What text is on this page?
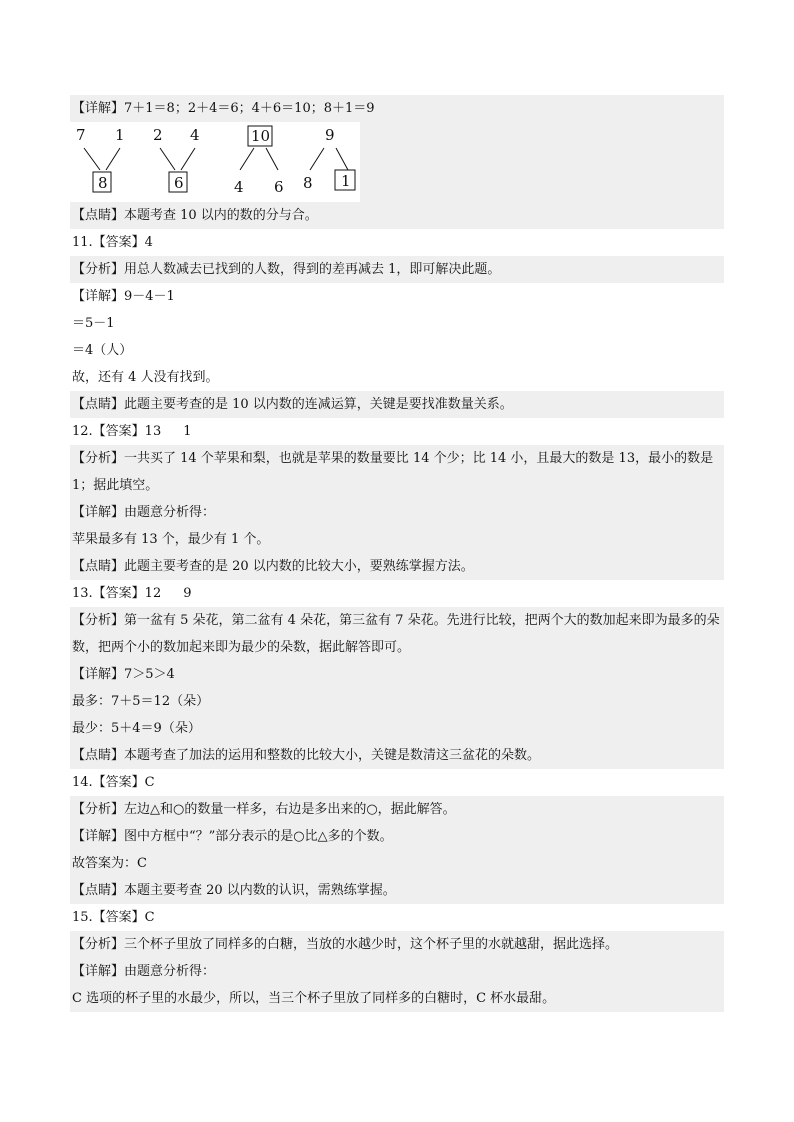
【详解】7＋1＝8；2＋4＝6；4＋6＝10；8＋1＝9
7 1
8
2 4
6
10
4 6
9
8 1
【点睛】本题考查 10 以内的数的分与合。
11.【答案】4
【分析】用总人数减去已找到的人数，得到的差再减去 1，即可解决此题。
【详解】9－4－1
＝5－1
＝4（人）
故，还有 4 人没有找到。
【点睛】此题主要考查的是 10 以内数的连减运算，关键是要找准数量关系。
12.【答案】13 1
【分析】一共买了 14 个苹果和梨，也就是苹果的数量要比 14 个少；比 14 小，且最大的数是 13，最小的数是 1；据此填空。
【详解】由题意分析得：
苹果最多有 13 个，最少有 1 个。
【点睛】此题主要考查的是 20 以内数的比较大小，要熟练掌握方法。
13.【答案】12 9
【分析】第一盆有 5 朵花，第二盆有 4 朵花，第三盆有 7 朵花。先进行比较，把两个大的数加起来即为最多的朵数，把两个小的数加起来即为最少的朵数，据此解答即可。
【详解】7＞5＞4
最多：7＋5＝12（朵）
最少：5＋4＝9（朵）
【点睛】本题考查了加法的运用和整数的比较大小，关键是数清这三盆花的朵数。
14.【答案】C
【分析】左边△和○的数量一样多，右边是多出来的○，据此解答。
【详解】图中方框中“？”部分表示的是○比△多的个数。
故答案为：C
【点睛】本题主要考查 20 以内数的认识，需熟练掌握。
15.【答案】C
【分析】三个杯子里放了同样多的白糖，当放的水越少时，这个杯子里的水就越甜，据此选择。
【详解】由题意分析得：
C 选项的杯子里的水最少，所以，当三个杯子里放了同样多的白糖时，C 杯水最甜。
